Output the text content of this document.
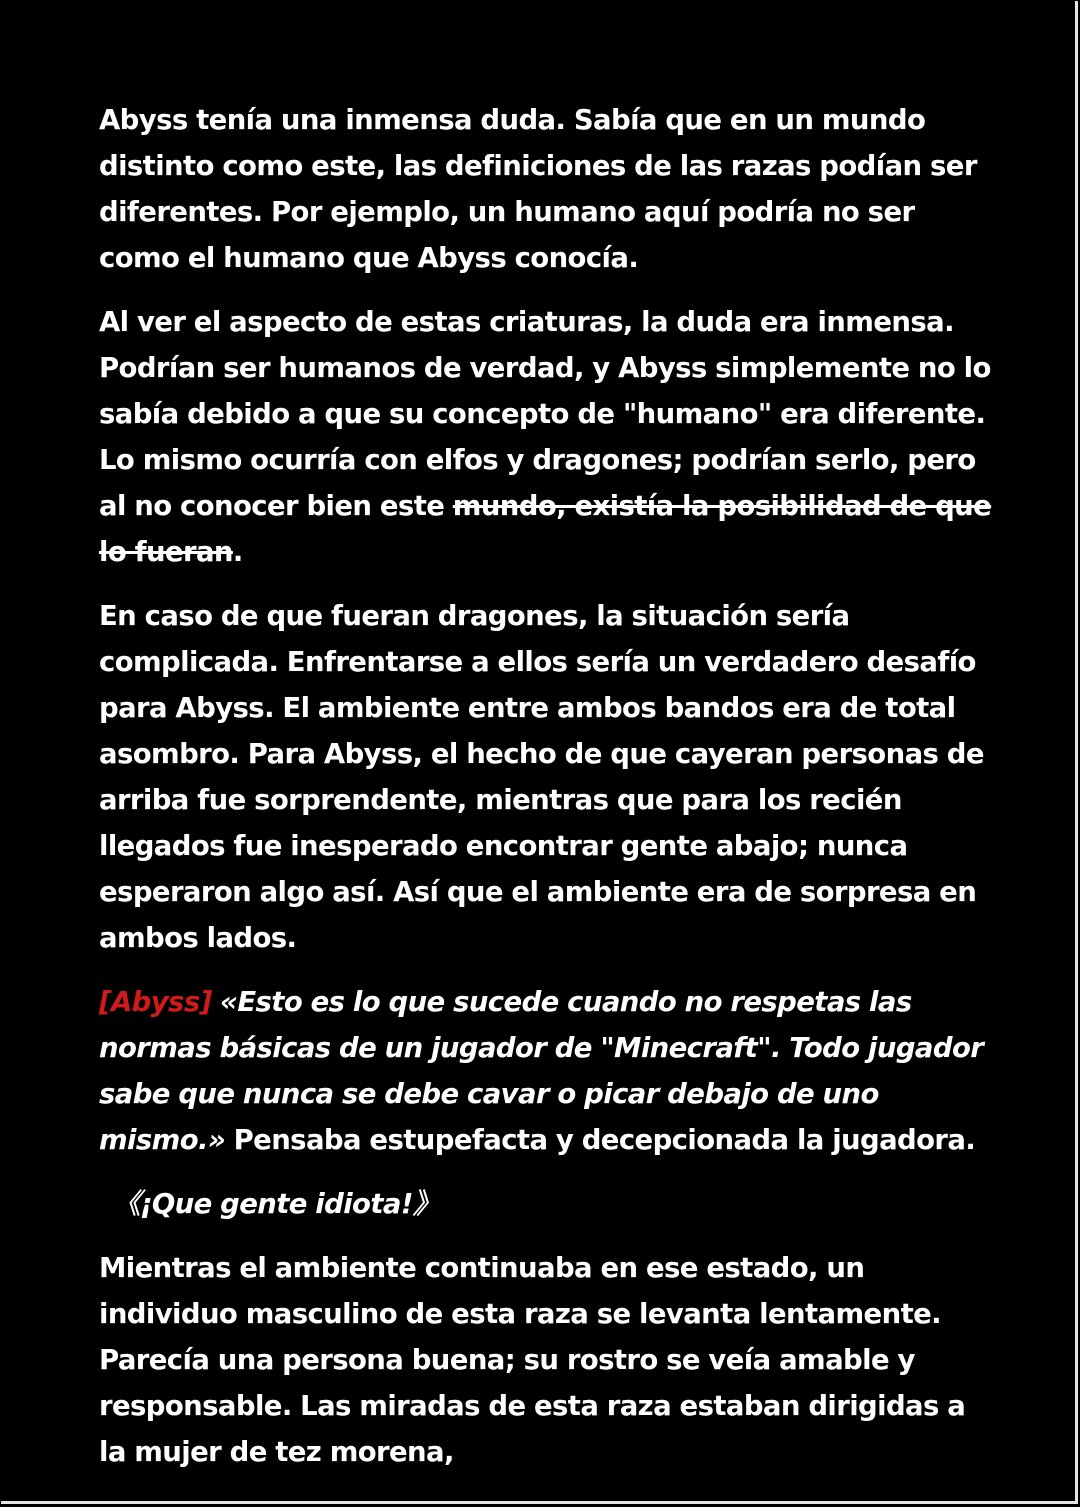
Abyss tenía una inmensa duda. Sabía que en un mundo distinto como este, las definiciones de las razas podían ser diferentes. Por ejemplo, un humano aquí podría no ser como el humano que Abyss conocía.

Al ver el aspecto de estas criaturas, la duda era inmensa. Podrían ser humanos de verdad, y Abyss simplemente no lo sabía debido a que su concepto de "humano" era diferente. Lo mismo ocurría con elfos y dragones; podrían serlo, pero al no conocer bien este mundo, existía la posibilidad de que lo fueran.

En caso de que fueran dragones, la situación sería complicada. Enfrentarse a ellos sería un verdadero desafío para Abyss. El ambiente entre ambos bandos era de total asombro. Para Abyss, el hecho de que cayeran personas de arriba fue sorprendente, mientras que para los recién llegados fue inesperado encontrar gente abajo; nunca esperaron algo así. Así que el ambiente era de sorpresa en ambos lados.

[Abyss] «Esto es lo que sucede cuando no respetas las normas básicas de un jugador de "Minecraft". Todo jugador sabe que nunca se debe cavar o picar debajo de uno mismo.» Pensaba estupefacta y decepcionada la jugadora.

《¡Que gente idiota!》

Mientras el ambiente continuaba en ese estado, un individuo masculino de esta raza se levanta lentamente. Parecía una persona buena; su rostro se veía amable y responsable. Las miradas de esta raza estaban dirigidas a la mujer de tez morena,
